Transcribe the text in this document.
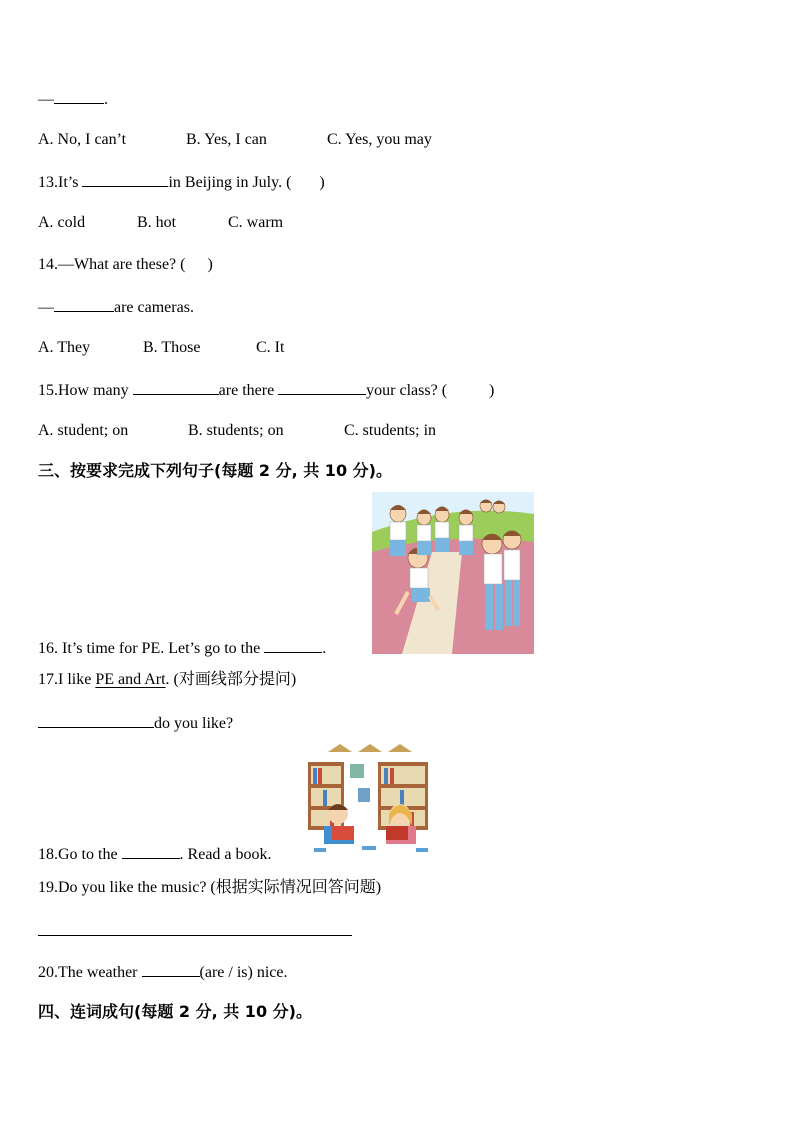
—	.
A. No, I can’t	B. Yes, I can	C. Yes, you may
13.It’s	in Beijing in July. ( )
A. cold	B. hot	C. warm
14.—What are these? ( )
—	are cameras.
A. They	B. Those	C. It
15.How many	are there	your class? (	)
A. student; on	B. students; on	C. students; in
三、按要求完成下列句子(每题 2 分, 共 10 分)。
16. It’s time for PE. Let’s go to the	.
17.I like PE and Art. (对画线部分提问)
do you like?
18.Go to the	. Read a book.
19.Do you like the music? (根据实际情况回答问题)
20.The weather	(are / is) nice.
四、连词成句(每题 2 分, 共 10 分)。
